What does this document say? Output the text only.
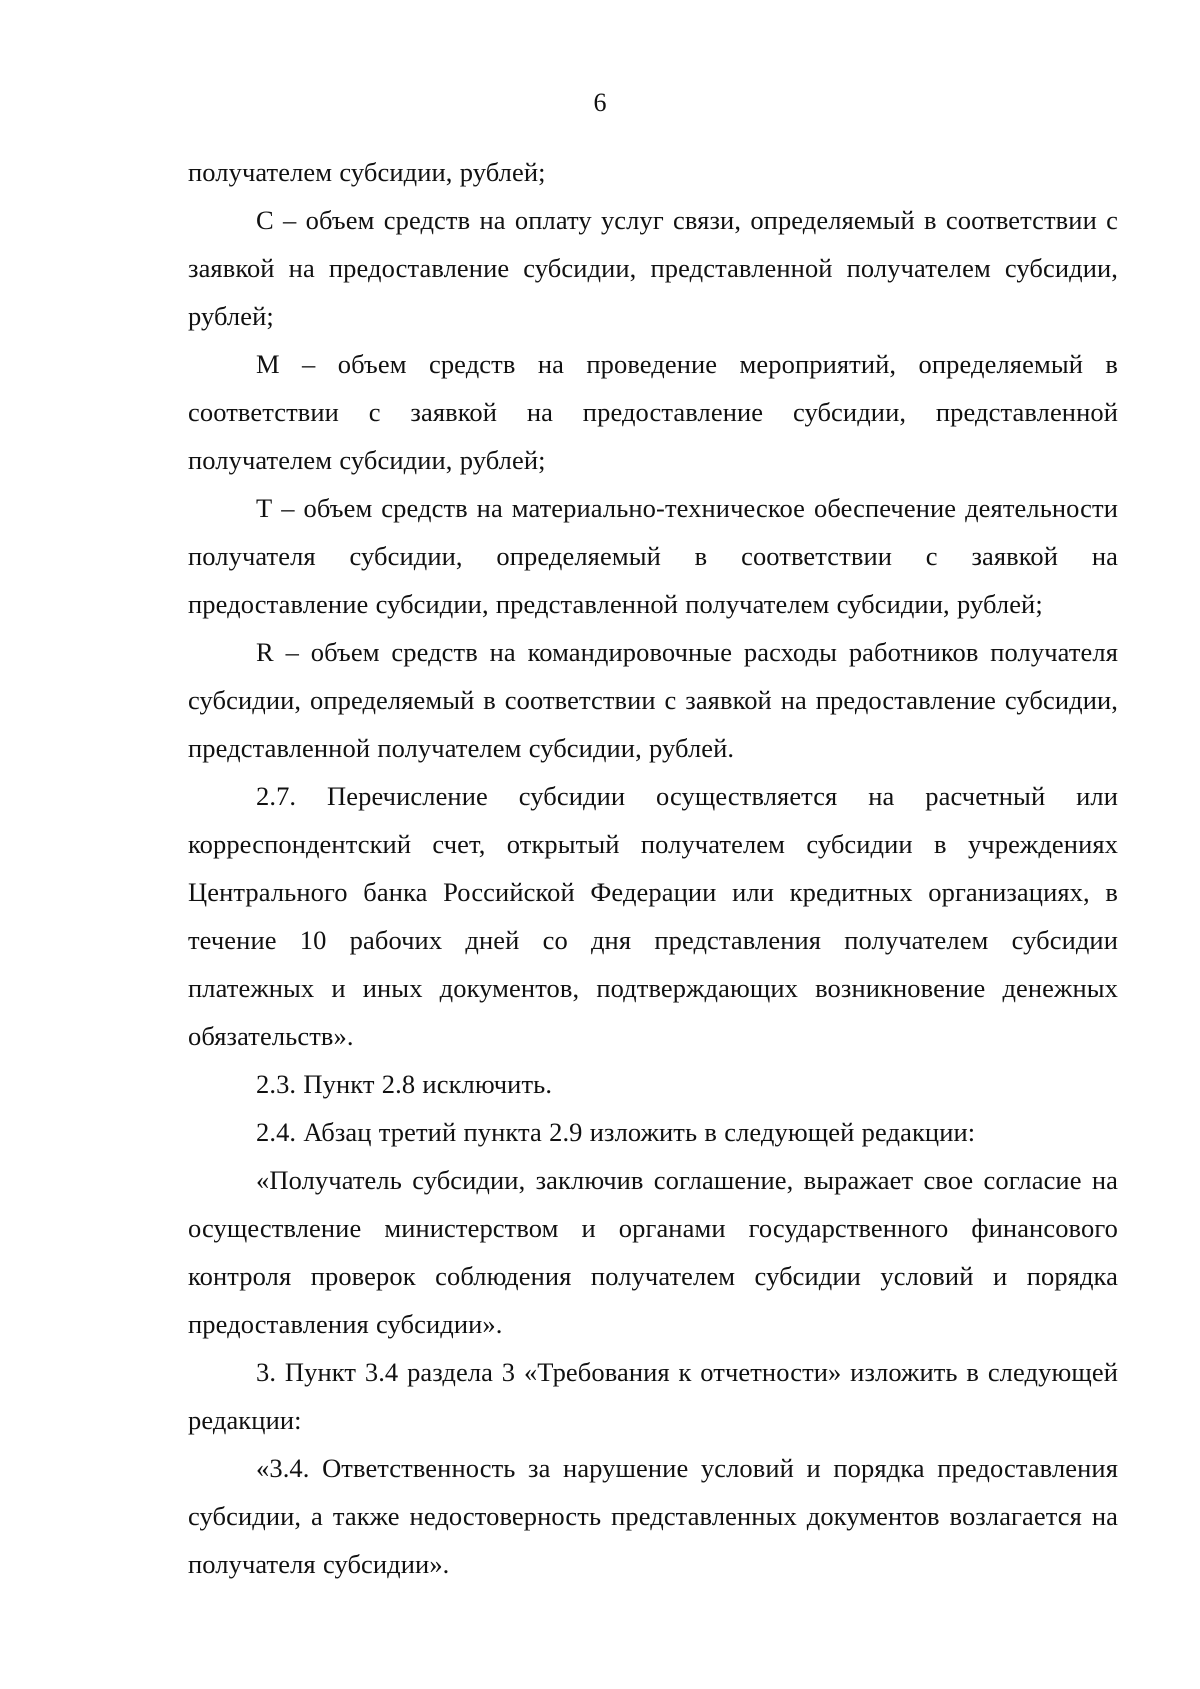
6

получателем субсидии, рублей;

С – объем средств на оплату услуг связи, определяемый в соответствии с заявкой на предоставление субсидии, представленной получателем субсидии, рублей;

М – объем средств на проведение мероприятий, определяемый в соответствии с заявкой на предоставление субсидии, представленной получателем субсидии, рублей;

Т – объем средств на материально-техническое обеспечение деятельности получателя субсидии, определяемый в соответствии с заявкой на предоставление субсидии, представленной получателем субсидии, рублей;

R – объем средств на командировочные расходы работников получателя субсидии, определяемый в соответствии с заявкой на предоставление субсидии, представленной получателем субсидии, рублей.

2.7. Перечисление субсидии осуществляется на расчетный или корреспондентский счет, открытый получателем субсидии в учреждениях Центрального банка Российской Федерации или кредитных организациях, в течение 10 рабочих дней со дня представления получателем субсидии платежных и иных документов, подтверждающих возникновение денежных обязательств».

2.3. Пункт 2.8 исключить.

2.4. Абзац третий пункта 2.9 изложить в следующей редакции:

«Получатель субсидии, заключив соглашение, выражает свое согласие на осуществление министерством и органами государственного финансового контроля проверок соблюдения получателем субсидии условий и порядка предоставления субсидии».

3. Пункт 3.4 раздела 3 «Требования к отчетности» изложить в следующей редакции:

«3.4. Ответственность за нарушение условий и порядка предоставления субсидии, а также недостоверность представленных документов возлагается на получателя субсидии».
